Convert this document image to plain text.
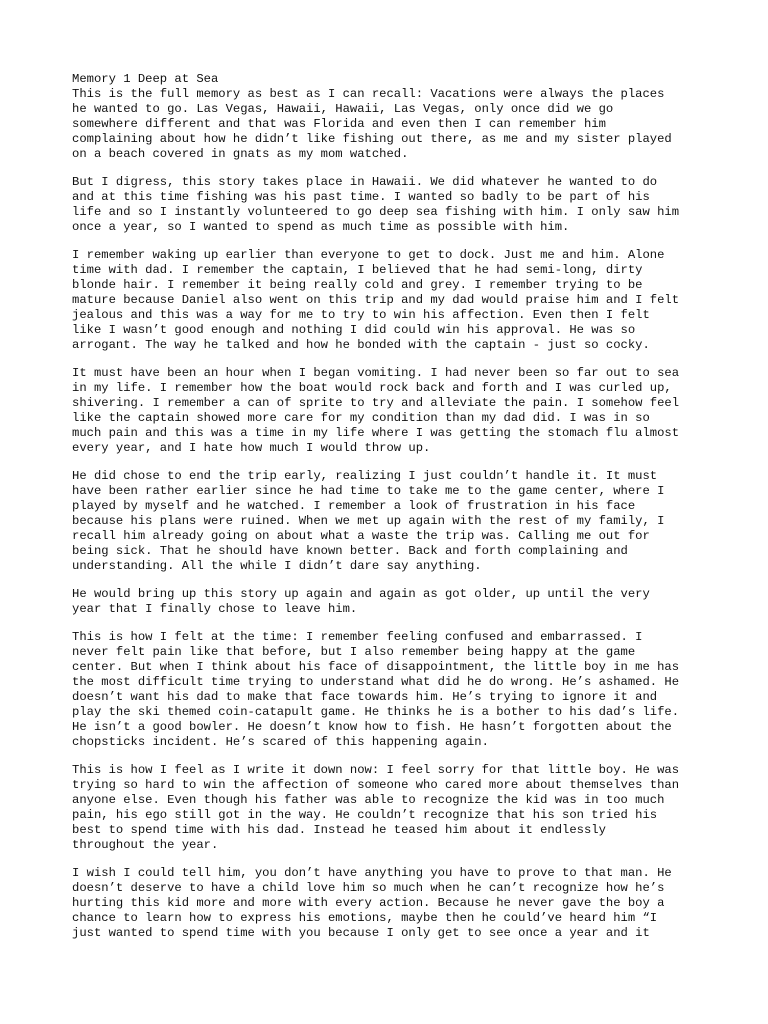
Memory 1 Deep at Sea

This is the full memory as best as I can recall: Vacations were always the places
he wanted to go. Las Vegas, Hawaii, Hawaii, Las Vegas, only once did we go
somewhere different and that was Florida and even then I can remember him
complaining about how he didn’t like fishing out there, as me and my sister played
on a beach covered in gnats as my mom watched.

But I digress, this story takes place in Hawaii. We did whatever he wanted to do
and at this time fishing was his past time. I wanted so badly to be part of his
life and so I instantly volunteered to go deep sea fishing with him. I only saw him
once a year, so I wanted to spend as much time as possible with him.

I remember waking up earlier than everyone to get to dock. Just me and him. Alone
time with dad. I remember the captain, I believed that he had semi-long, dirty
blonde hair. I remember it being really cold and grey. I remember trying to be
mature because Daniel also went on this trip and my dad would praise him and I felt
jealous and this was a way for me to try to win his affection. Even then I felt
like I wasn’t good enough and nothing I did could win his approval. He was so
arrogant. The way he talked and how he bonded with the captain - just so cocky.

It must have been an hour when I began vomiting. I had never been so far out to sea
in my life. I remember how the boat would rock back and forth and I was curled up,
shivering. I remember a can of sprite to try and alleviate the pain. I somehow feel
like the captain showed more care for my condition than my dad did. I was in so
much pain and this was a time in my life where I was getting the stomach flu almost
every year, and I hate how much I would throw up.

He did chose to end the trip early, realizing I just couldn’t handle it. It must
have been rather earlier since he had time to take me to the game center, where I
played by myself and he watched. I remember a look of frustration in his face
because his plans were ruined. When we met up again with the rest of my family, I
recall him already going on about what a waste the trip was. Calling me out for
being sick. That he should have known better. Back and forth complaining and
understanding. All the while I didn’t dare say anything.

He would bring up this story up again and again as got older, up until the very
year that I finally chose to leave him.

This is how I felt at the time: I remember feeling confused and embarrassed. I
never felt pain like that before, but I also remember being happy at the game
center. But when I think about his face of disappointment, the little boy in me has
the most difficult time trying to understand what did he do wrong. He’s ashamed. He
doesn’t want his dad to make that face towards him. He’s trying to ignore it and
play the ski themed coin-catapult game. He thinks he is a bother to his dad’s life.
He isn’t a good bowler. He doesn’t know how to fish. He hasn’t forgotten about the
chopsticks incident. He’s scared of this happening again.

This is how I feel as I write it down now: I feel sorry for that little boy. He was
trying so hard to win the affection of someone who cared more about themselves than
anyone else. Even though his father was able to recognize the kid was in too much
pain, his ego still got in the way. He couldn’t recognize that his son tried his
best to spend time with his dad. Instead he teased him about it endlessly
throughout the year.

I wish I could tell him, you don’t have anything you have to prove to that man. He
doesn’t deserve to have a child love him so much when he can’t recognize how he’s
hurting this kid more and more with every action. Because he never gave the boy a
chance to learn how to express his emotions, maybe then he could’ve heard him “I
just wanted to spend time with you because I only get to see once a year and it
